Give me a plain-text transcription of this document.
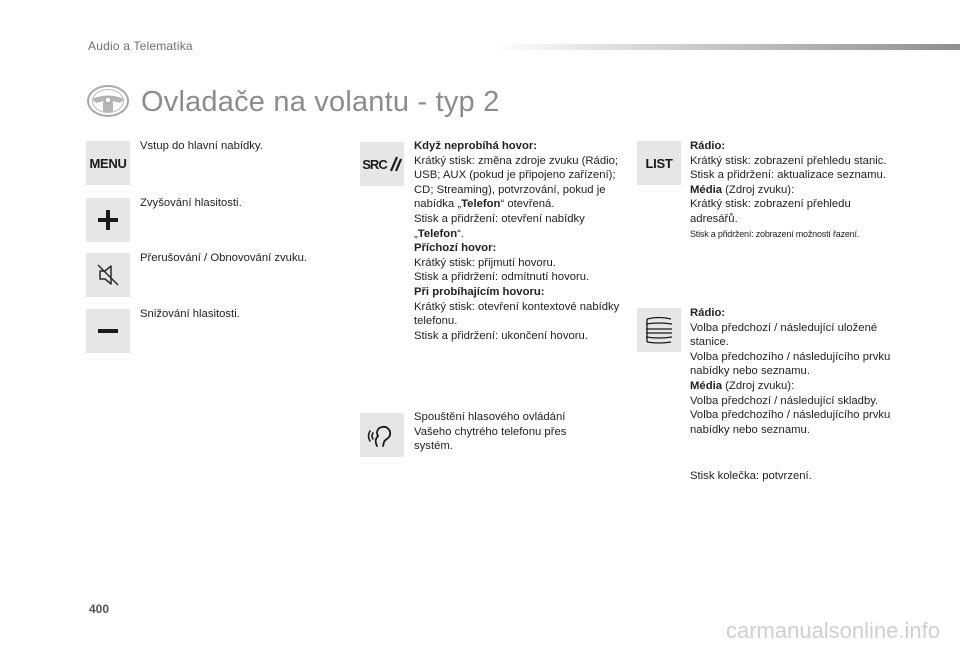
Audio a Telematika
Ovladače na volantu - typ 2
MENU
Vstup do hlavní nabídky.
Zvyšování hlasitosti.
Přerušování / Obnovování zvuku.
Snižování hlasitosti.
SRC

Když neprobíhá hovor:

Krátký stisk: změna zdroje zvuku (Rádio; USB; AUX (pokud je připojeno zařízení); CD; Streaming), potvrzování, pokud je nabídka „Telefon“ otevřená.

Stisk a přidržení: otevření nabídky „Telefon“.

Příchozí hovor:

Krátký stisk: přijmutí hovoru.

Stisk a přidržení: odmítnutí hovoru.

Při probíhajícím hovoru:

Krátký stisk: otevření kontextové nabídky telefonu.

Stisk a přidržení: ukončení hovoru.

Spouštění hlasového ovládání Vašeho chytrého telefonu přes systém.
LIST

Rádio:

Krátký stisk: zobrazení přehledu stanic.

Stisk a přidržení: aktualizace seznamu.

Média (Zdroj zvuku):

Krátký stisk: zobrazení přehledu adresářů.

Stisk a přidržení: zobrazení možností řazení.

Rádio:

Volba předchozí / následující uložené stanice.

Volba předchozího / následujícího prvku nabídky nebo seznamu.

Média (Zdroj zvuku):

Volba předchozí / následující skladby.

Volba předchozího / následujícího prvku nabídky nebo seznamu.

Stisk kolečka: potvrzení.
400
carmanualsonline.info
